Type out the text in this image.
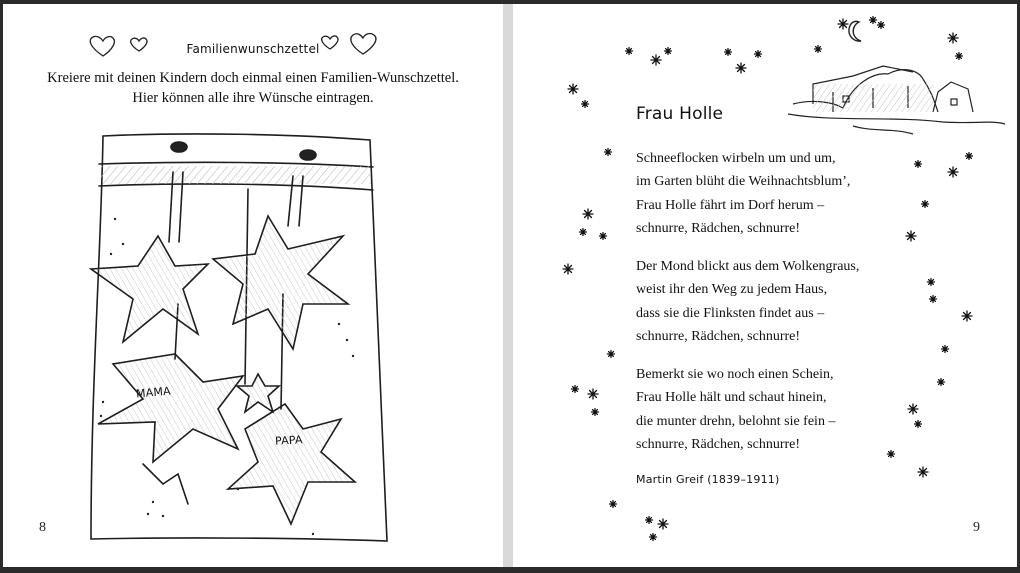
Familienwunschzettel
Kreiere mit deinen Kindern doch einmal einen Familien-Wunschzettel. Hier können alle ihre Wünsche eintragen.
MAMA
PAPA
8
Frau Holle
Schneeflocken wirbeln um und um,
im Garten blüht die Weihnachtsblum’,
Frau Holle fährt im Dorf herum –
schnurre, Rädchen, schnurre!
Der Mond blickt aus dem Wolkengraus,
weist ihr den Weg zu jedem Haus,
dass sie die Flinksten findet aus –
schnurre, Rädchen, schnurre!
Bemerkt sie wo noch einen Schein,
Frau Holle hält und schaut hinein,
die munter drehn, belohnt sie fein –
schnurre, Rädchen, schnurre!
Martin Greif (1839–1911)
9
